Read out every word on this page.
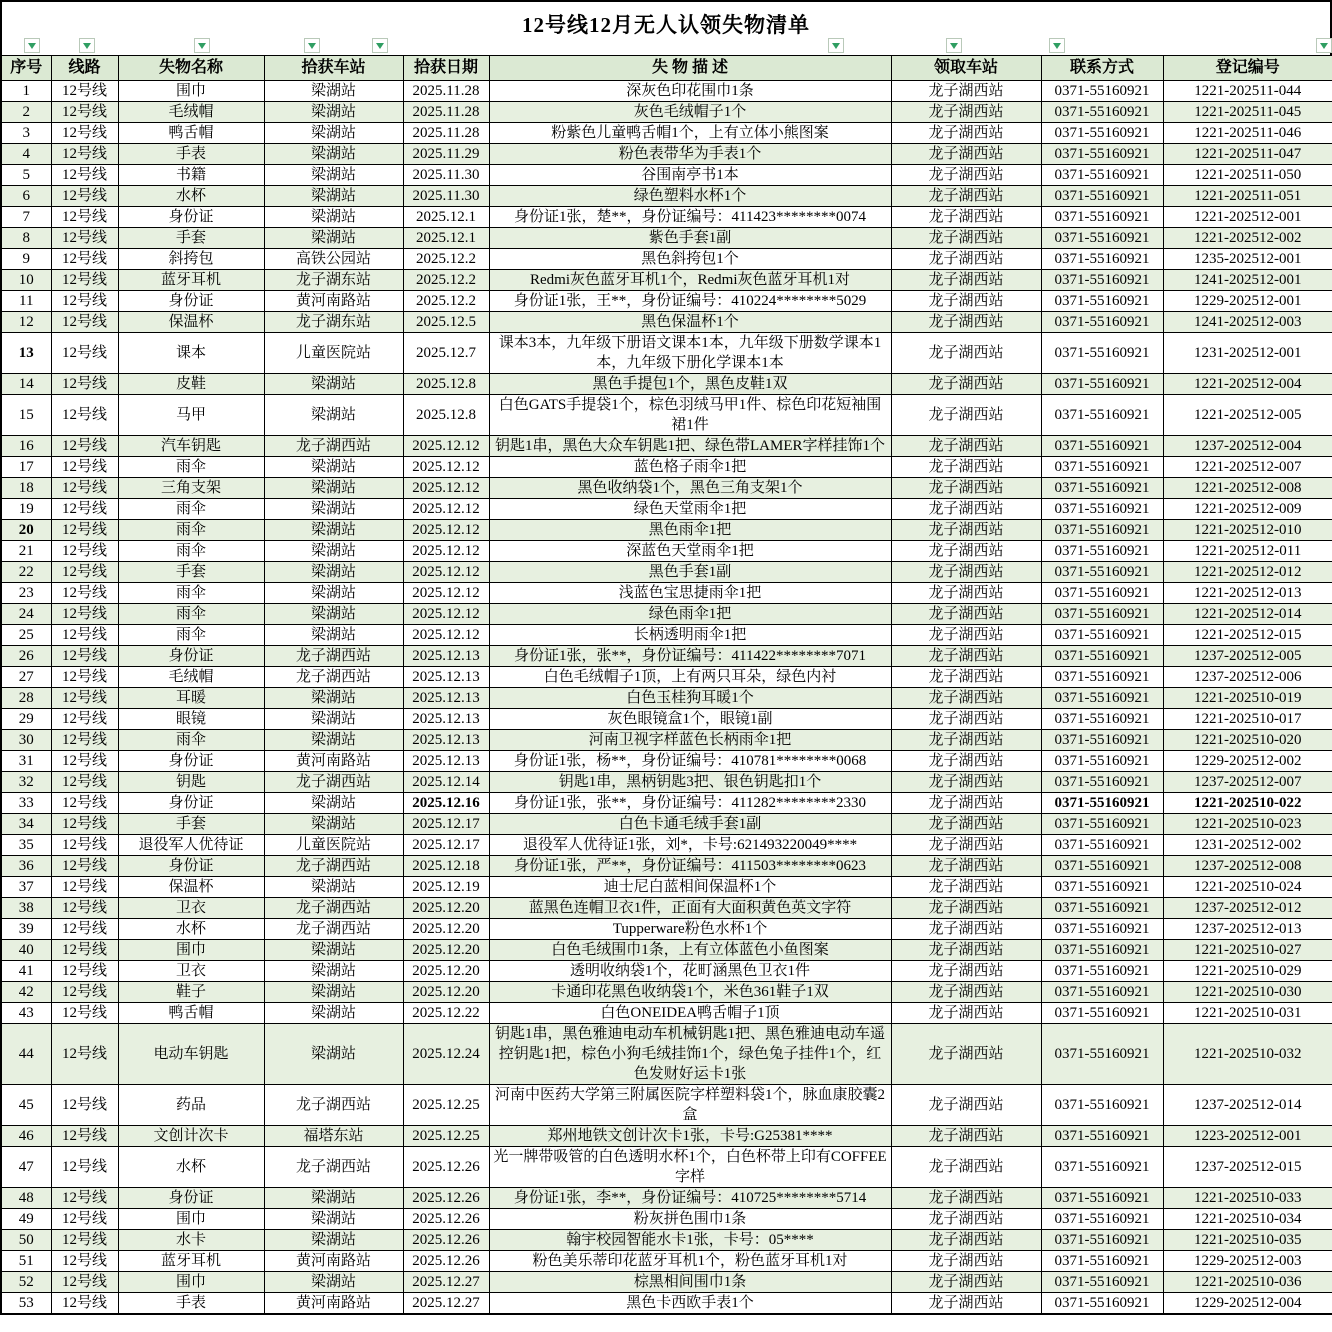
12号线12月无人认领失物清单
序号	线路	失物名称	拾获车站	拾获日期	失 物 描 述	领取车站	联系方式	登记编号
1	12号线	围巾	梁湖站	2025.11.28	深灰色印花围巾1条	龙子湖西站	0371-55160921	1221-202511-044
2	12号线	毛绒帽	梁湖站	2025.11.28	灰色毛绒帽子1个	龙子湖西站	0371-55160921	1221-202511-045
3	12号线	鸭舌帽	梁湖站	2025.11.28	粉紫色儿童鸭舌帽1个，上有立体小熊图案	龙子湖西站	0371-55160921	1221-202511-046
4	12号线	手表	梁湖站	2025.11.29	粉色表带华为手表1个	龙子湖西站	0371-55160921	1221-202511-047
5	12号线	书籍	梁湖站	2025.11.30	谷围南亭书1本	龙子湖西站	0371-55160921	1221-202511-050
6	12号线	水杯	梁湖站	2025.11.30	绿色塑料水杯1个	龙子湖西站	0371-55160921	1221-202511-051
7	12号线	身份证	梁湖站	2025.12.1	身份证1张，楚**，身份证编号：411423********0074	龙子湖西站	0371-55160921	1221-202512-001
8	12号线	手套	梁湖站	2025.12.1	紫色手套1副	龙子湖西站	0371-55160921	1221-202512-002
9	12号线	斜挎包	高铁公园站	2025.12.2	黑色斜挎包1个	龙子湖西站	0371-55160921	1235-202512-001
10	12号线	蓝牙耳机	龙子湖东站	2025.12.2	Redmi灰色蓝牙耳机1个，Redmi灰色蓝牙耳机1对	龙子湖西站	0371-55160921	1241-202512-001
11	12号线	身份证	黄河南路站	2025.12.2	身份证1张，王**，身份证编号：410224********5029	龙子湖西站	0371-55160921	1229-202512-001
12	12号线	保温杯	龙子湖东站	2025.12.5	黑色保温杯1个	龙子湖西站	0371-55160921	1241-202512-003
13	12号线	课本	儿童医院站	2025.12.7	课本3本，九年级下册语文课本1本，九年级下册数学课本1本，九年级下册化学课本1本	龙子湖西站	0371-55160921	1231-202512-001
14	12号线	皮鞋	梁湖站	2025.12.8	黑色手提包1个，黑色皮鞋1双	龙子湖西站	0371-55160921	1221-202512-004
15	12号线	马甲	梁湖站	2025.12.8	白色GATS手提袋1个，棕色羽绒马甲1件、棕色印花短袖围裙1件	龙子湖西站	0371-55160921	1221-202512-005
16	12号线	汽车钥匙	龙子湖西站	2025.12.12	钥匙1串，黑色大众车钥匙1把、绿色带LAMER字样挂饰1个	龙子湖西站	0371-55160921	1237-202512-004
17	12号线	雨伞	梁湖站	2025.12.12	蓝色格子雨伞1把	龙子湖西站	0371-55160921	1221-202512-007
18	12号线	三角支架	梁湖站	2025.12.12	黑色收纳袋1个，黑色三角支架1个	龙子湖西站	0371-55160921	1221-202512-008
19	12号线	雨伞	梁湖站	2025.12.12	绿色天堂雨伞1把	龙子湖西站	0371-55160921	1221-202512-009
20	12号线	雨伞	梁湖站	2025.12.12	黑色雨伞1把	龙子湖西站	0371-55160921	1221-202512-010
21	12号线	雨伞	梁湖站	2025.12.12	深蓝色天堂雨伞1把	龙子湖西站	0371-55160921	1221-202512-011
22	12号线	手套	梁湖站	2025.12.12	黑色手套1副	龙子湖西站	0371-55160921	1221-202512-012
23	12号线	雨伞	梁湖站	2025.12.12	浅蓝色宝思捷雨伞1把	龙子湖西站	0371-55160921	1221-202512-013
24	12号线	雨伞	梁湖站	2025.12.12	绿色雨伞1把	龙子湖西站	0371-55160921	1221-202512-014
25	12号线	雨伞	梁湖站	2025.12.12	长柄透明雨伞1把	龙子湖西站	0371-55160921	1221-202512-015
26	12号线	身份证	龙子湖西站	2025.12.13	身份证1张，张**，身份证编号：411422********7071	龙子湖西站	0371-55160921	1237-202512-005
27	12号线	毛绒帽	龙子湖西站	2025.12.13	白色毛绒帽子1顶，上有两只耳朵，绿色内衬	龙子湖西站	0371-55160921	1237-202512-006
28	12号线	耳暖	梁湖站	2025.12.13	白色玉桂狗耳暖1个	龙子湖西站	0371-55160921	1221-202510-019
29	12号线	眼镜	梁湖站	2025.12.13	灰色眼镜盒1个，眼镜1副	龙子湖西站	0371-55160921	1221-202510-017
30	12号线	雨伞	梁湖站	2025.12.13	河南卫视字样蓝色长柄雨伞1把	龙子湖西站	0371-55160921	1221-202510-020
31	12号线	身份证	黄河南路站	2025.12.13	身份证1张，杨**，身份证编号：410781********0068	龙子湖西站	0371-55160921	1229-202512-002
32	12号线	钥匙	龙子湖西站	2025.12.14	钥匙1串，黑柄钥匙3把、银色钥匙扣1个	龙子湖西站	0371-55160921	1237-202512-007
33	12号线	身份证	梁湖站	2025.12.16	身份证1张，张**，身份证编号：411282********2330	龙子湖西站	0371-55160921	1221-202510-022
34	12号线	手套	梁湖站	2025.12.17	白色卡通毛绒手套1副	龙子湖西站	0371-55160921	1221-202510-023
35	12号线	退役军人优待证	儿童医院站	2025.12.17	退役军人优待证1张，刘*，卡号:621493220049****	龙子湖西站	0371-55160921	1231-202512-002
36	12号线	身份证	龙子湖西站	2025.12.18	身份证1张，严**，身份证编号：411503********0623	龙子湖西站	0371-55160921	1237-202512-008
37	12号线	保温杯	梁湖站	2025.12.19	迪士尼白蓝相间保温杯1个	龙子湖西站	0371-55160921	1221-202510-024
38	12号线	卫衣	龙子湖西站	2025.12.20	蓝黑色连帽卫衣1件，正面有大面积黄色英文字符	龙子湖西站	0371-55160921	1237-202512-012
39	12号线	水杯	龙子湖西站	2025.12.20	Tupperware粉色水杯1个	龙子湖西站	0371-55160921	1237-202512-013
40	12号线	围巾	梁湖站	2025.12.20	白色毛绒围巾1条，上有立体蓝色小鱼图案	龙子湖西站	0371-55160921	1221-202510-027
41	12号线	卫衣	梁湖站	2025.12.20	透明收纳袋1个，花町涵黑色卫衣1件	龙子湖西站	0371-55160921	1221-202510-029
42	12号线	鞋子	梁湖站	2025.12.20	卡通印花黑色收纳袋1个，米色361鞋子1双	龙子湖西站	0371-55160921	1221-202510-030
43	12号线	鸭舌帽	梁湖站	2025.12.22	白色ONEIDEA鸭舌帽子1顶	龙子湖西站	0371-55160921	1221-202510-031
44	12号线	电动车钥匙	梁湖站	2025.12.24	钥匙1串，黑色雅迪电动车机械钥匙1把、黑色雅迪电动车遥控钥匙1把，棕色小狗毛绒挂饰1个，绿色兔子挂件1个，红色发财好运卡1张	龙子湖西站	0371-55160921	1221-202510-032
45	12号线	药品	龙子湖西站	2025.12.25	河南中医药大学第三附属医院字样塑料袋1个，脉血康胶囊2盒	龙子湖西站	0371-55160921	1237-202512-014
46	12号线	文创计次卡	福塔东站	2025.12.25	郑州地铁文创计次卡1张，卡号:G25381****	龙子湖西站	0371-55160921	1223-202512-001
47	12号线	水杯	龙子湖西站	2025.12.26	光一牌带吸管的白色透明水杯1个，白色杯带上印有COFFEE字样	龙子湖西站	0371-55160921	1237-202512-015
48	12号线	身份证	梁湖站	2025.12.26	身份证1张，李**，身份证编号：410725********5714	龙子湖西站	0371-55160921	1221-202510-033
49	12号线	围巾	梁湖站	2025.12.26	粉灰拼色围巾1条	龙子湖西站	0371-55160921	1221-202510-034
50	12号线	水卡	梁湖站	2025.12.26	翰宇校园智能水卡1张，卡号：05****	龙子湖西站	0371-55160921	1221-202510-035
51	12号线	蓝牙耳机	黄河南路站	2025.12.26	粉色美乐蒂印花蓝牙耳机1个，粉色蓝牙耳机1对	龙子湖西站	0371-55160921	1229-202512-003
52	12号线	围巾	梁湖站	2025.12.27	棕黑相间围巾1条	龙子湖西站	0371-55160921	1221-202510-036
53	12号线	手表	黄河南路站	2025.12.27	黑色卡西欧手表1个	龙子湖西站	0371-55160921	1229-202512-004
